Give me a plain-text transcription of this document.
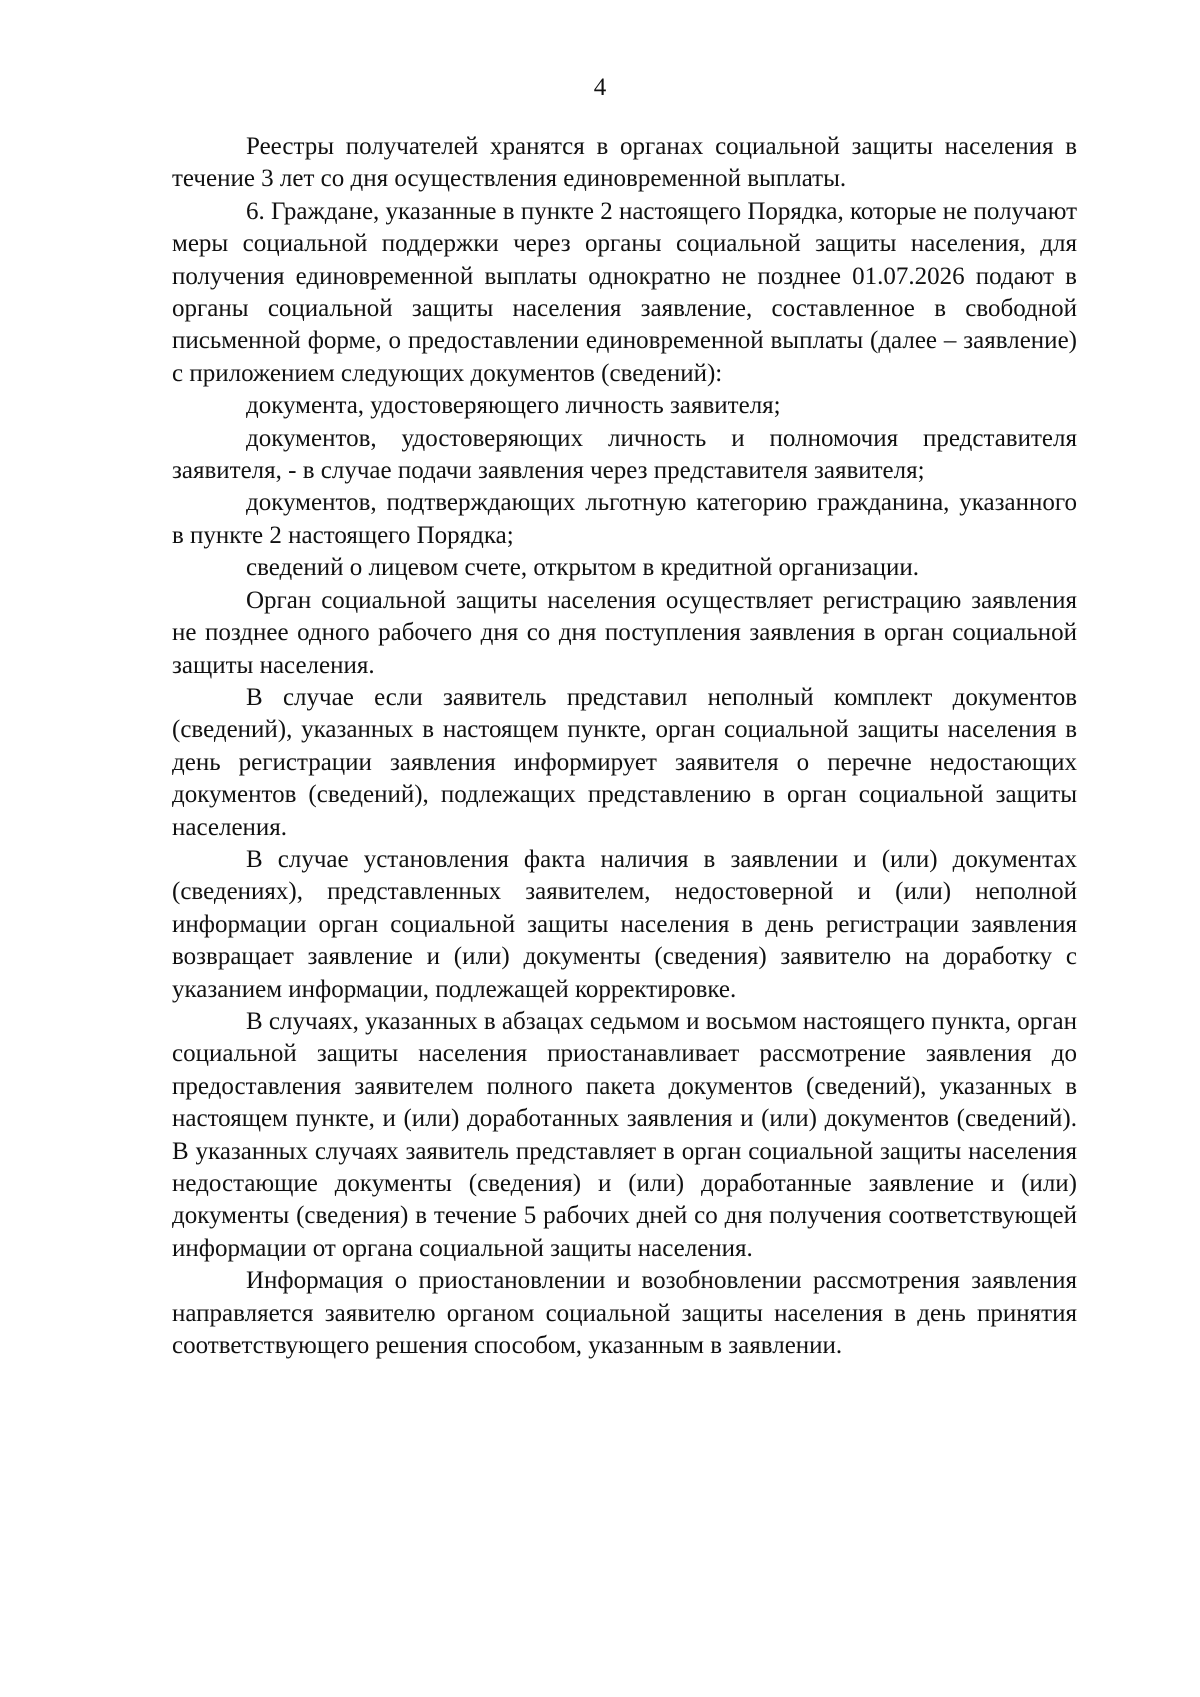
4

Реестры получателей хранятся в органах социальной защиты населения в течение 3 лет со дня осуществления единовременной выплаты.

6. Граждане, указанные в пункте 2 настоящего Порядка, которые не получают меры социальной поддержки через органы социальной защиты населения, для получения единовременной выплаты однократно не позднее 01.07.2026 подают в органы социальной защиты населения заявление, составленное в свободной письменной форме, о предоставлении единовременной выплаты (далее – заявление) с приложением следующих документов (сведений):

документа, удостоверяющего личность заявителя;

документов, удостоверяющих личность и полномочия представителя заявителя, - в случае подачи заявления через представителя заявителя;

документов, подтверждающих льготную категорию гражданина, указанного в пункте 2 настоящего Порядка;

сведений о лицевом счете, открытом в кредитной организации.

Орган социальной защиты населения осуществляет регистрацию заявления не позднее одного рабочего дня со дня поступления заявления в орган социальной защиты населения.

В случае если заявитель представил неполный комплект документов (сведений), указанных в настоящем пункте, орган социальной защиты населения в день регистрации заявления информирует заявителя о перечне недостающих документов (сведений), подлежащих представлению в орган социальной защиты населения.

В случае установления факта наличия в заявлении и (или) документах (сведениях), представленных заявителем, недостоверной и (или) неполной информации орган социальной защиты населения в день регистрации заявления возвращает заявление и (или) документы (сведения) заявителю на доработку с указанием информации, подлежащей корректировке.

В случаях, указанных в абзацах седьмом и восьмом настоящего пункта, орган социальной защиты населения приостанавливает рассмотрение заявления до предоставления заявителем полного пакета документов (сведений), указанных в настоящем пункте, и (или) доработанных заявления и (или) документов (сведений). В указанных случаях заявитель представляет в орган социальной защиты населения недостающие документы (сведения) и (или) доработанные заявление и (или) документы (сведения) в течение 5 рабочих дней со дня получения соответствующей информации от органа социальной защиты населения.

Информация о приостановлении и возобновлении рассмотрения заявления направляется заявителю органом социальной защиты населения в день принятия соответствующего решения способом, указанным в заявлении.
